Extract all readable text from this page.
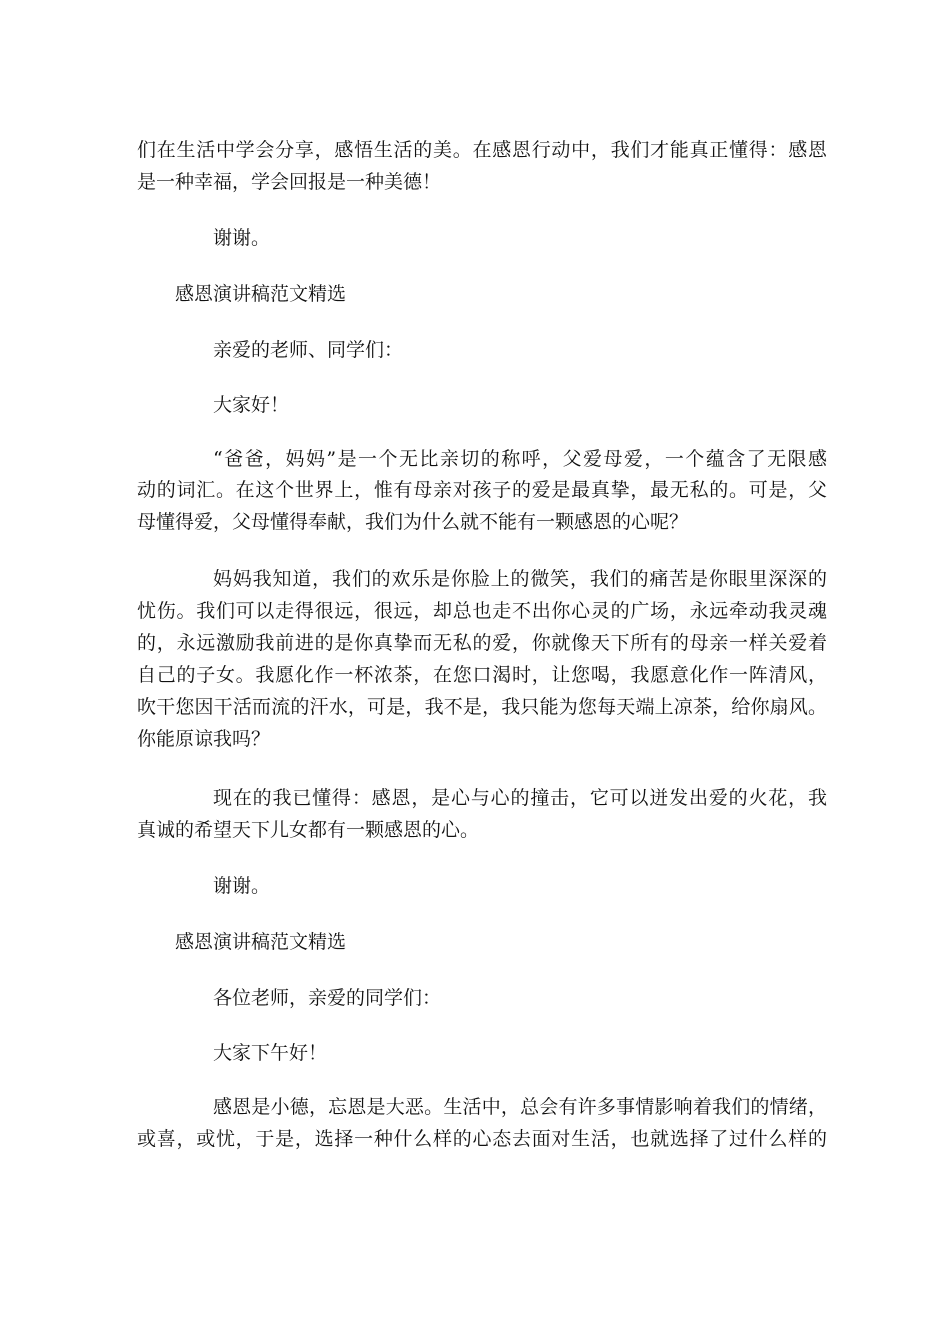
们在生活中学会分享，感悟生活的美。在感恩行动中，我们才能真正懂得：感恩
是一种幸福，学会回报是一种美德！
谢谢。
感恩演讲稿范文精选
亲爱的老师、同学们：
大家好！
“爸爸，妈妈”是一个无比亲切的称呼，父爱母爱，一个蕴含了无限感
动的词汇。在这个世界上，惟有母亲对孩子的爱是最真挚，最无私的。可是，父
母懂得爱，父母懂得奉献，我们为什么就不能有一颗感恩的心呢？
妈妈我知道，我们的欢乐是你脸上的微笑，我们的痛苦是你眼里深深的
忧伤。我们可以走得很远，很远，却总也走不出你心灵的广场，永远牵动我灵魂
的，永远激励我前进的是你真挚而无私的爱，你就像天下所有的母亲一样关爱着
自己的子女。我愿化作一杯浓茶，在您口渴时，让您喝，我愿意化作一阵清风，
吹干您因干活而流的汗水，可是，我不是，我只能为您每天端上凉茶，给你扇风。
你能原谅我吗？
现在的我已懂得：感恩，是心与心的撞击，它可以迸发出爱的火花，我
真诚的希望天下儿女都有一颗感恩的心。
谢谢。
感恩演讲稿范文精选
各位老师，亲爱的同学们：
大家下午好！
感恩是小德，忘恩是大恶。生活中，总会有许多事情影响着我们的情绪，
或喜，或忧，于是，选择一种什么样的心态去面对生活，也就选择了过什么样的
